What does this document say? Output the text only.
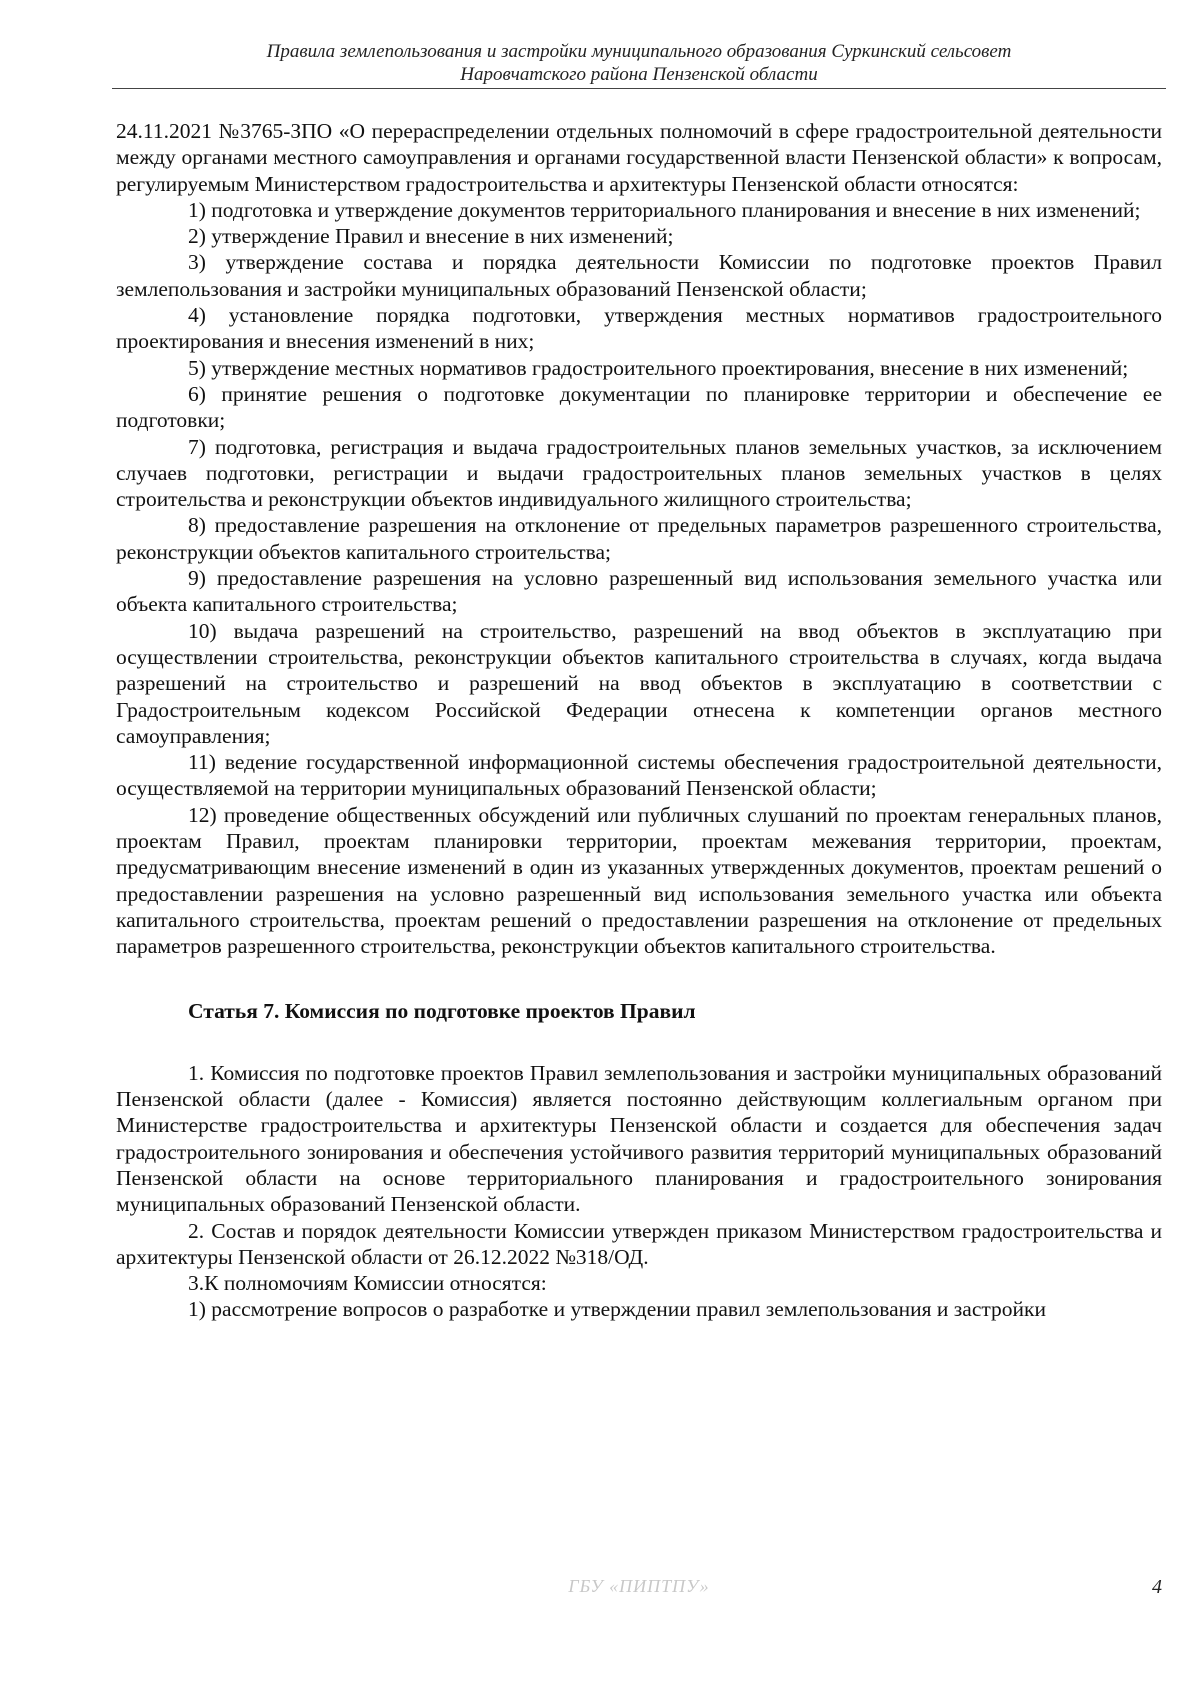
Правила землепользования и застройки муниципального образования Суркинский сельсовет
Наровчатского района Пензенской области

24.11.2021 №3765-ЗПО «О перераспределении отдельных полномочий в сфере градостроительной деятельности между органами местного самоуправления и органами государственной власти Пензенской области» к вопросам, регулируемым Министерством градостроительства и архитектуры Пензенской области относятся:

1) подготовка и утверждение документов территориального планирования и внесение в них изменений;

2) утверждение Правил и внесение в них изменений;

3) утверждение состава и порядка деятельности Комиссии по подготовке проектов Правил землепользования и застройки муниципальных образований Пензенской области;

4) установление порядка подготовки, утверждения местных нормативов градостроительного проектирования и внесения изменений в них;

5) утверждение местных нормативов градостроительного проектирования, внесение в них изменений;

6) принятие решения о подготовке документации по планировке территории и обеспечение ее подготовки;

7) подготовка, регистрация и выдача градостроительных планов земельных участков, за исключением случаев подготовки, регистрации и выдачи градостроительных планов земельных участков в целях строительства и реконструкции объектов индивидуального жилищного строительства;

8) предоставление разрешения на отклонение от предельных параметров разрешенного строительства, реконструкции объектов капитального строительства;

9) предоставление разрешения на условно разрешенный вид использования земельного участка или объекта капитального строительства;

10) выдача разрешений на строительство, разрешений на ввод объектов в эксплуатацию при осуществлении строительства, реконструкции объектов капитального строительства в случаях, когда выдача разрешений на строительство и разрешений на ввод объектов в эксплуатацию в соответствии с Градостроительным кодексом Российской Федерации отнесена к компетенции органов местного самоуправления;

11) ведение государственной информационной системы обеспечения градостроительной деятельности, осуществляемой на территории муниципальных образований Пензенской области;

12) проведение общественных обсуждений или публичных слушаний по проектам генеральных планов, проектам Правил, проектам планировки территории, проектам межевания территории, проектам, предусматривающим внесение изменений в один из указанных утвержденных документов, проектам решений о предоставлении разрешения на условно разрешенный вид использования земельного участка или объекта капитального строительства, проектам решений о предоставлении разрешения на отклонение от предельных параметров разрешенного строительства, реконструкции объектов капитального строительства.

Статья 7. Комиссия по подготовке проектов Правил

1. Комиссия по подготовке проектов Правил землепользования и застройки муниципальных образований Пензенской области (далее - Комиссия) является постоянно действующим коллегиальным органом при Министерстве градостроительства и архитектуры Пензенской области и создается для обеспечения задач градостроительного зонирования и обеспечения устойчивого развития территорий муниципальных образований Пензенской области на основе территориального планирования и градостроительного зонирования муниципальных образований Пензенской области.

2. Состав и порядок деятельности Комиссии утвержден приказом Министерством градостроительства и архитектуры Пензенской области от 26.12.2022 №318/ОД.

3.К полномочиям Комиссии относятся:

1) рассмотрение вопросов о разработке и утверждении правил землепользования и застройки

ГБУ «ПИПТПУ»	4
